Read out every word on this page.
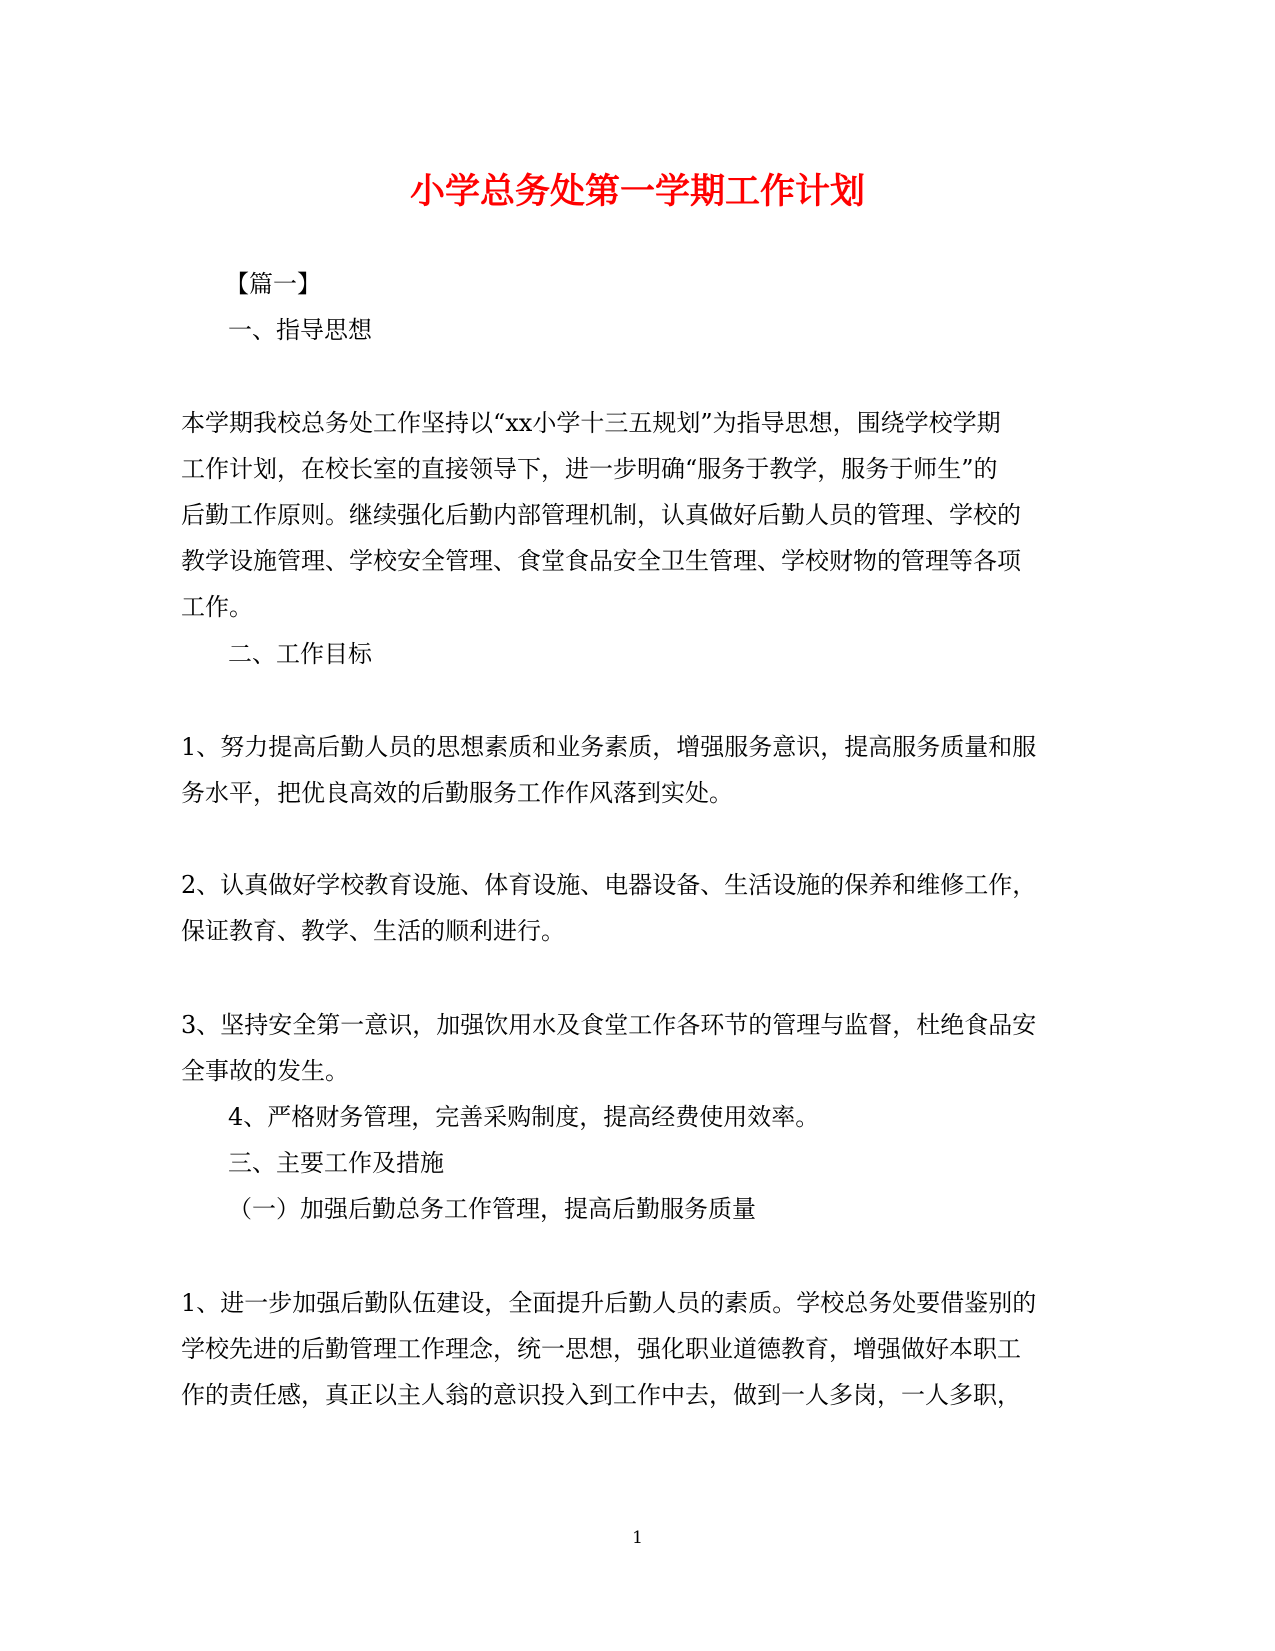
小学总务处第一学期工作计划

【篇一】

一、指导思想

本学期我校总务处工作坚持以“xx小学十三五规划”为指导思想，围绕学校学期

工作计划，在校长室的直接领导下，进一步明确“服务于教学，服务于师生”的

后勤工作原则。继续强化后勤内部管理机制，认真做好后勤人员的管理、学校的

教学设施管理、学校安全管理、食堂食品安全卫生管理、学校财物的管理等各项

工作。

二、工作目标

1、努力提高后勤人员的思想素质和业务素质，增强服务意识，提高服务质量和服

务水平，把优良高效的后勤服务工作作风落到实处。

2、认真做好学校教育设施、体育设施、电器设备、生活设施的保养和维修工作，

保证教育、教学、生活的顺利进行。

3、坚持安全第一意识，加强饮用水及食堂工作各环节的管理与监督，杜绝食品安

全事故的发生。

4、严格财务管理，完善采购制度，提高经费使用效率。

三、主要工作及措施

（一）加强后勤总务工作管理，提高后勤服务质量

1、进一步加强后勤队伍建设，全面提升后勤人员的素质。学校总务处要借鉴别的

学校先进的后勤管理工作理念，统一思想，强化职业道德教育，增强做好本职工

作的责任感，真正以主人翁的意识投入到工作中去，做到一人多岗，一人多职，

1
